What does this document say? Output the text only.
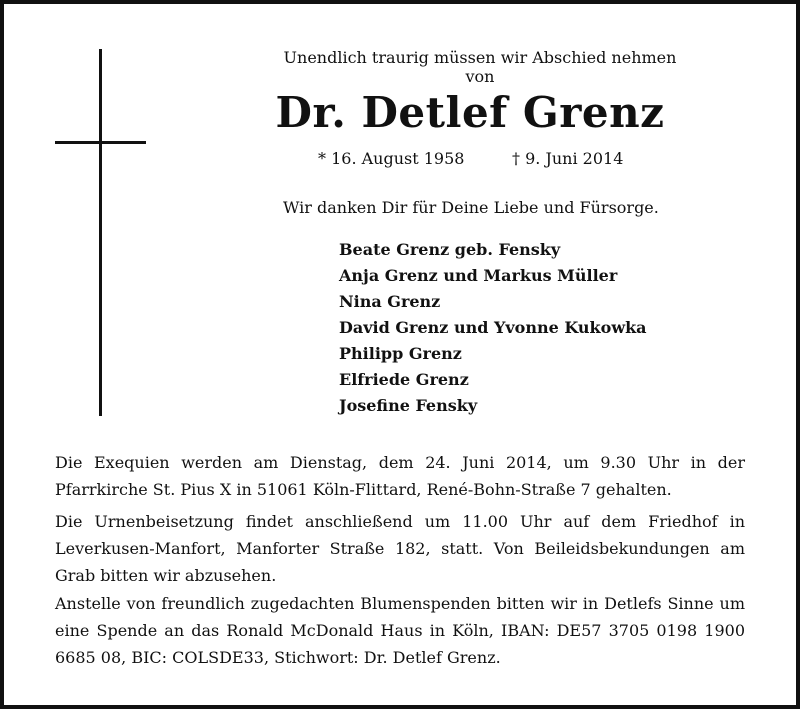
Unendlich traurig müssen wir Abschied nehmen von
Dr. Detlef Grenz
* 16. August 1958	† 9. Juni 2014
Wir danken Dir für Deine Liebe und Fürsorge.
Beate Grenz geb. Fensky
Anja Grenz und Markus Müller
Nina Grenz
David Grenz und Yvonne Kukowka
Philipp Grenz
Elfriede Grenz
Josefine Fensky

Die Exequien werden am Dienstag, dem 24. Juni 2014, um 9.30 Uhr in der Pfarrkirche St. Pius X in 51061 Köln-Flittard, René-Bohn-Straße 7 gehalten.

Die Urnenbeisetzung findet anschließend um 11.00 Uhr auf dem Friedhof in Leverkusen-Manfort, Manforter Straße 182, statt. Von Beileidsbekundungen am Grab bitten wir abzusehen.

Anstelle von freundlich zugedachten Blumenspenden bitten wir in Detlefs Sinne um eine Spende an das Ronald McDonald Haus in Köln, IBAN: DE57 3705 0198 1900 6685 08, BIC: COLSDE33, Stichwort: Dr. Detlef Grenz.
